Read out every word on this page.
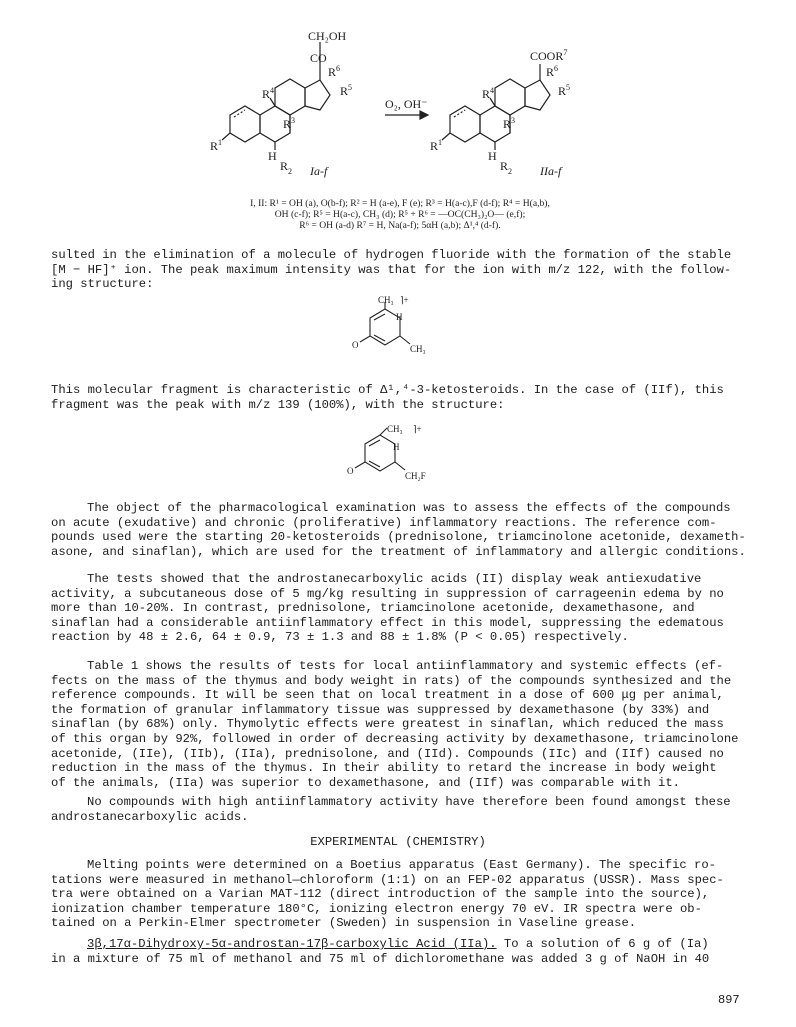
CH₂OH
CO
$R^4$
$R^6$
$R^5$
$R^3$
$R^1$
H
$R_2$ Ia-f
O₂, OH⁻
COOR$^7$
$R^4$
$R^6$
$R^5$
$R^3$
$R^1$
H
$R_2$ IIa-f
I, II: R¹ = OH (a), O(b-f); R² = H (a-e), F (e); R³ = H(a-c),F (d-f); R⁴ = H(a,b),
OH (c-f); R⁵ = H(a-c), CH₃ (d); R⁵ + R⁶ = —OC(CH₃)₂O— (e,f);
R⁶ = OH (a-d) R⁷ = H, Na(a-f); 5αH (a,b); Δ¹,⁴ (d-f).

sulted in the elimination of a molecule of hydrogen fluoride with the formation of the stable

[M − HF]⁺ ion. The peak maximum intensity was that for the ion with m/z 122, with the follow-

ing structure:

CH₃ ⌉+
H
O	CH₃

This molecular fragment is characteristic of Δ¹,⁴-3-ketosteroids. In the case of (IIf), this

fragment was the peak with m/z 139 (100%), with the structure:

CH₃ ⌉+
H
O	CH₂F

The object of the pharmacological examination was to assess the effects of the compounds

on acute (exudative) and chronic (proliferative) inflammatory reactions. The reference com-

pounds used were the starting 20-ketosteroids (prednisolone, triamcinolone acetonide, dexameth-

asone, and sinaflan), which are used for the treatment of inflammatory and allergic conditions.

The tests showed that the androstanecarboxylic acids (II) display weak antiexudative

activity, a subcutaneous dose of 5 mg/kg resulting in suppression of carrageenin edema by no

more than 10-20%. In contrast, prednisolone, triamcinolone acetonide, dexamethasone, and

sinaflan had a considerable antiinflammatory effect in this model, suppressing the edematous

reaction by 48 ± 2.6, 64 ± 0.9, 73 ± 1.3 and 88 ± 1.8% (P < 0.05) respectively.

Table 1 shows the results of tests for local antiinflammatory and systemic effects (ef-

fects on the mass of the thymus and body weight in rats) of the compounds synthesized and the

reference compounds. It will be seen that on local treatment in a dose of 600 μg per animal,

the formation of granular inflammatory tissue was suppressed by dexamethasone (by 33%) and

sinaflan (by 68%) only. Thymolytic effects were greatest in sinaflan, which reduced the mass

of this organ by 92%, followed in order of decreasing activity by dexamethasone, triamcinolone

acetonide, (IIe), (IIb), (IIa), prednisolone, and (IId). Compounds (IIc) and (IIf) caused no

reduction in the mass of the thymus. In their ability to retard the increase in body weight

of the animals, (IIa) was superior to dexamethasone, and (IIf) was comparable with it.

No compounds with high antiinflammatory activity have therefore been found amongst these

androstanecarboxylic acids.

EXPERIMENTAL (CHEMISTRY)

Melting points were determined on a Boetius apparatus (East Germany). The specific ro-

tations were measured in methanol—chloroform (1:1) on an FEP-02 apparatus (USSR). Mass spec-

tra were obtained on a Varian MAT-112 (direct introduction of the sample into the source),

ionization chamber temperature 180°C, ionizing electron energy 70 eV. IR spectra were ob-

tained on a Perkin-Elmer spectrometer (Sweden) in suspension in Vaseline grease.

3β,17α-Dihydroxy-5α-androstan-17β-carboxylic Acid (IIa). To a solution of 6 g of (Ia)

in a mixture of 75 ml of methanol and 75 ml of dichloromethane was added 3 g of NaOH in 40

897
